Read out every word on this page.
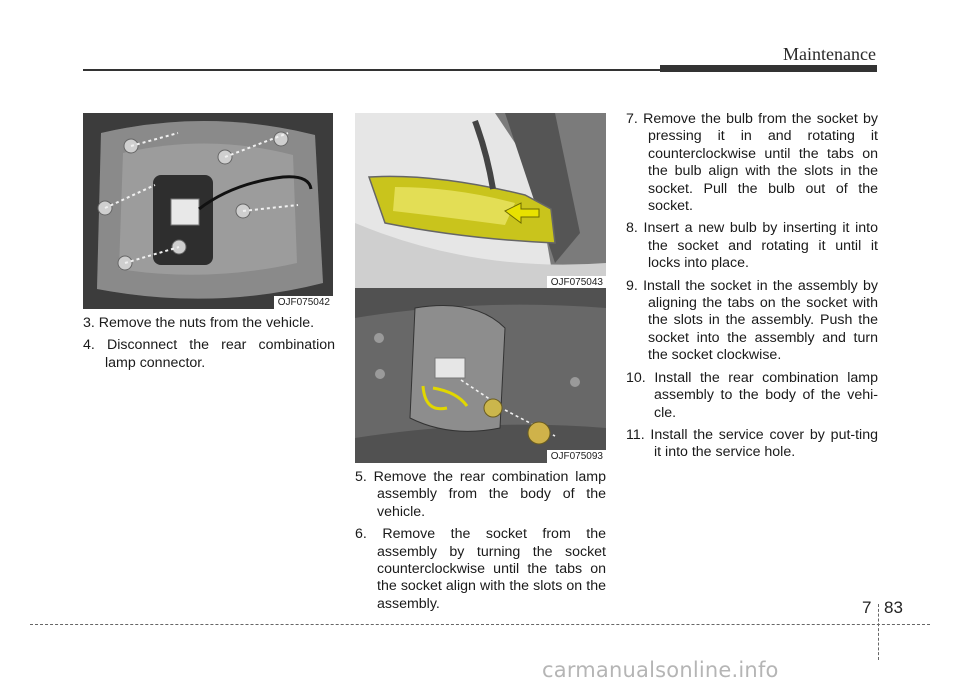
Maintenance
OJF075042
OJF075043
OJF075093

3. Remove the nuts from the vehicle.

4. Disconnect the rear combination lamp connector.

5. Remove the rear combination lamp assembly from the body of the vehicle.

6. Remove the socket from the assembly by turning the socket counterclockwise until the tabs on the socket align with the slots on the assembly.

7. Remove the bulb from the socket by pressing it in and rotating it counterclockwise until the tabs on the bulb align with the slots in the socket. Pull the bulb out of the socket.

8. Insert a new bulb by inserting it into the socket and rotating it until it locks into place.

9. Install the socket in the assembly by aligning the tabs on the socket with the slots in the assembly. Push the socket into the assembly and turn the socket clockwise.

10. Install the rear combination lamp assembly to the body of the vehi-cle.

11. Install the service cover by put-ting it into the service hole.

7 83
carmanualsonline.info
